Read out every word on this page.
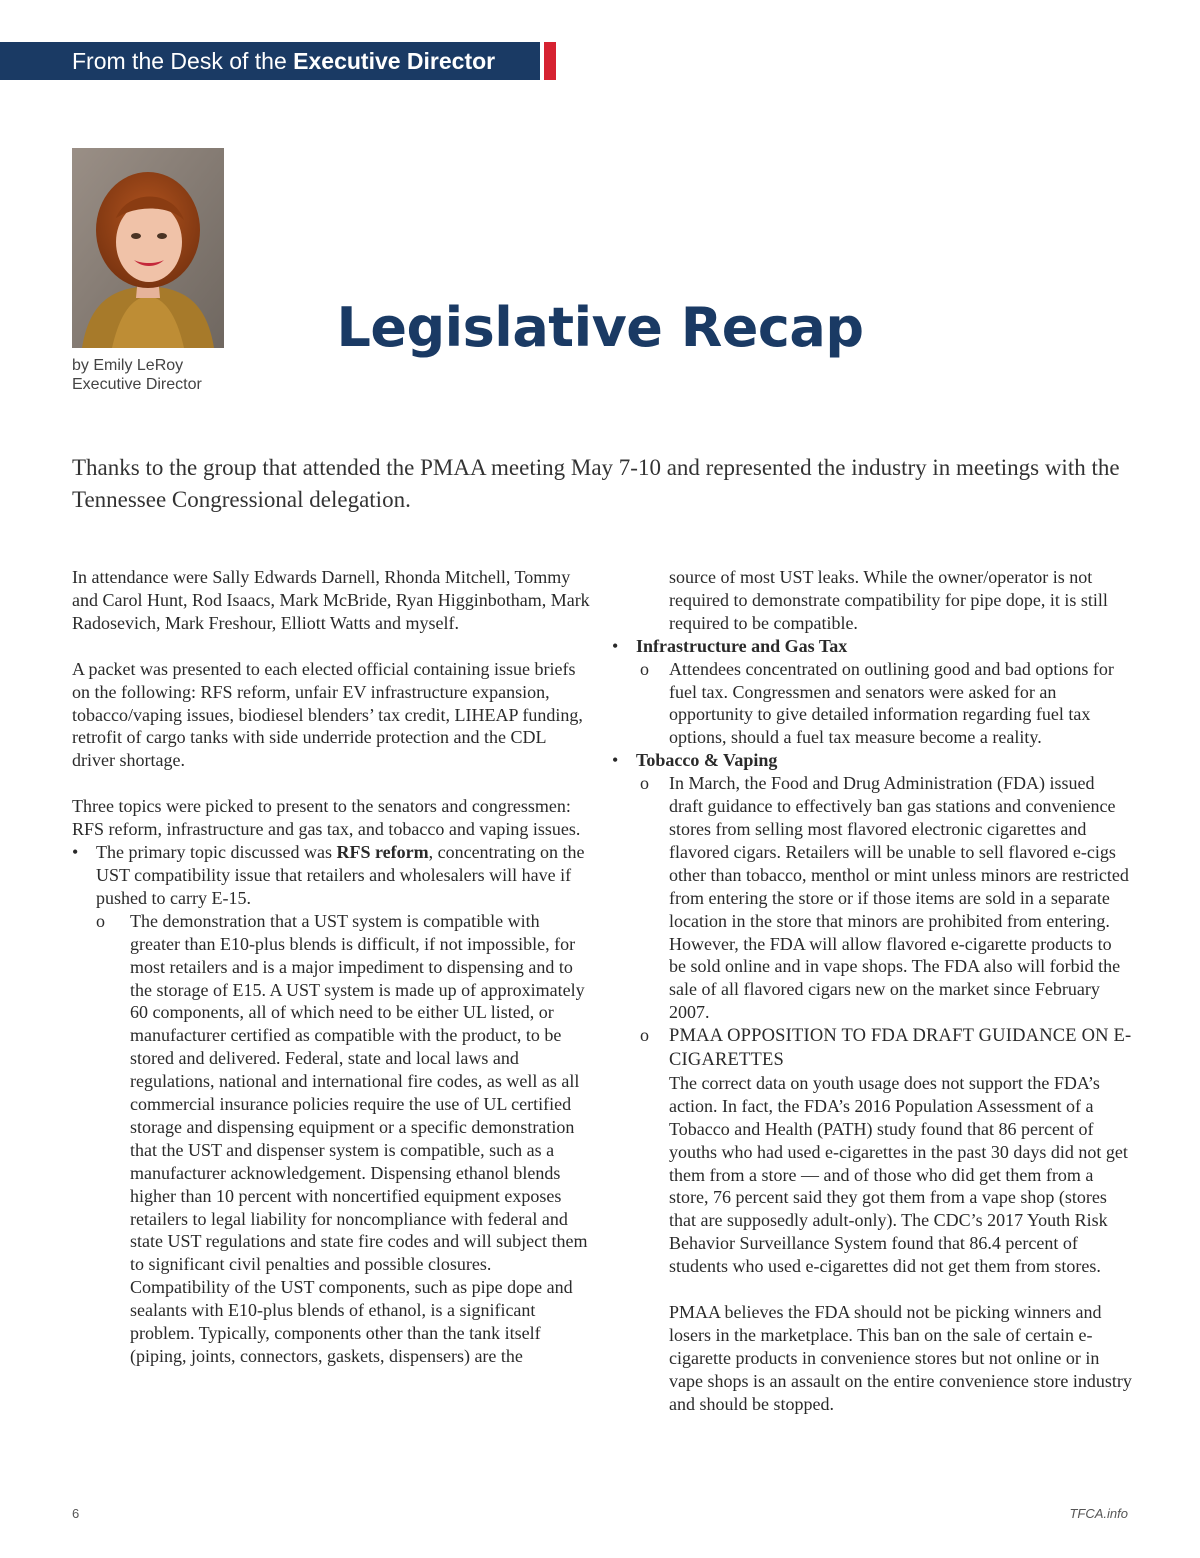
From the Desk of the Executive Director
by Emily LeRoy
Executive Director
Legislative Recap
Thanks to the group that attended the PMAA meeting May 7-10 and represented the industry in meetings with the Tennessee Congressional delegation.

In attendance were Sally Edwards Darnell, Rhonda Mitchell, Tommy and Carol Hunt, Rod Isaacs, Mark McBride, Ryan Higginbotham, Mark Radosevich, Mark Freshour, Elliott Watts and myself.

A packet was presented to each elected official containing issue briefs on the following: RFS reform, unfair EV infrastructure expansion, tobacco/vaping issues, biodiesel blenders’ tax credit, LIHEAP funding, retrofit of cargo tanks with side underride protection and the CDL driver shortage.

Three topics were picked to present to the senators and congressmen: RFS reform, infrastructure and gas tax, and tobacco and vaping issues.

• The primary topic discussed was RFS reform, concentrating on the UST compatibility issue that retailers and wholesalers will have if pushed to carry E-15.
o The demonstration that a UST system is compatible with greater than E10-plus blends is difficult, if not impossible, for most retailers and is a major impediment to dispensing and to the storage of E15. A UST system is made up of approximately 60 components, all of which need to be either UL listed, or manufacturer certified as compatible with the product, to be stored and delivered. Federal, state and local laws and regulations, national and international fire codes, as well as all commercial insurance policies require the use of UL certified storage and dispensing equipment or a specific demonstration that the UST and dispenser system is compatible, such as a manufacturer acknowledgement. Dispensing ethanol blends higher than 10 percent with noncertified equipment exposes retailers to legal liability for noncompliance with federal and state UST regulations and state fire codes and will subject them to significant civil penalties and possible closures. Compatibility of the UST components, such as pipe dope and sealants with E10-plus blends of ethanol, is a significant problem. Typically, components other than the tank itself (piping, joints, connectors, gaskets, dispensers) are the

source of most UST leaks. While the owner/operator is not required to demonstrate compatibility for pipe dope, it is still required to be compatible.

• Infrastructure and Gas Tax
o Attendees concentrated on outlining good and bad options for fuel tax. Congressmen and senators were asked for an opportunity to give detailed information regarding fuel tax options, should a fuel tax measure become a reality.
• Tobacco & Vaping
o In March, the Food and Drug Administration (FDA) issued draft guidance to effectively ban gas stations and convenience stores from selling most flavored electronic cigarettes and flavored cigars. Retailers will be unable to sell flavored e-cigs other than tobacco, menthol or mint unless minors are restricted from entering the store or if those items are sold in a separate location in the store that minors are prohibited from entering. However, the FDA will allow flavored e-cigarette products to be sold online and in vape shops. The FDA also will forbid the sale of all flavored cigars new on the market since February 2007.
o PMAA OPPOSITION TO FDA DRAFT GUIDANCE ON E-CIGARETTES

The correct data on youth usage does not support the FDA’s action. In fact, the FDA’s 2016 Population Assessment of a Tobacco and Health (PATH) study found that 86 percent of youths who had used e-cigarettes in the past 30 days did not get them from a store — and of those who did get them from a store, 76 percent said they got them from a vape shop (stores that are supposedly adult-only). The CDC’s 2017 Youth Risk Behavior Surveillance System found that 86.4 percent of students who used e-cigarettes did not get them from stores.

PMAA believes the FDA should not be picking winners and losers in the marketplace. This ban on the sale of certain e-cigarette products in convenience stores but not online or in vape shops is an assault on the entire convenience store industry and should be stopped.

6	TFCA.info
